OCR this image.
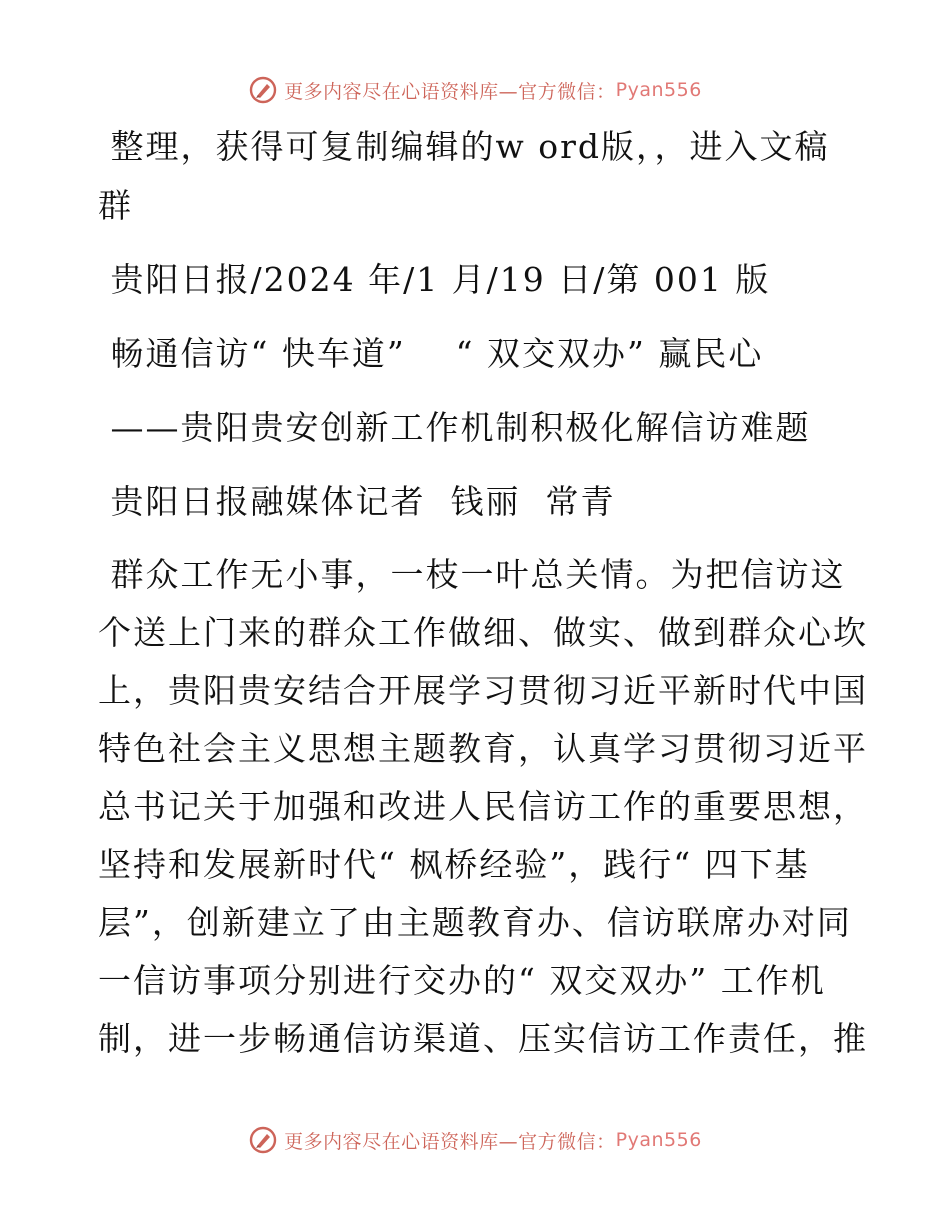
更多内容尽在心语资料库—官方微信： Pyan556
整理，获得可复制编辑的w ord版，，进入文稿
群
贵阳日报/2024 年/1 月/19 日/第 001 版
畅通信访“ 快车道”    “ 双交双办” 赢民心
——贵阳贵安创新工作机制积极化解信访难题
贵阳日报融媒体记者  钱丽  常青
群众工作无小事，一枝一叶总关情。为把信访这
个送上门来的群众工作做细、做实、做到群众心坎
上，贵阳贵安结合开展学习贯彻习近平新时代中国
特色社会主义思想主题教育，认真学习贯彻习近平
总书记关于加强和改进人民信访工作的重要思想，
坚持和发展新时代“ 枫桥经验”，践行“ 四下基
层”，创新建立了由主题教育办、信访联席办对同
一信访事项分别进行交办的“ 双交双办” 工作机
制，进一步畅通信访渠道、压实信访工作责任，推
更多内容尽在心语资料库—官方微信： Pyan556
